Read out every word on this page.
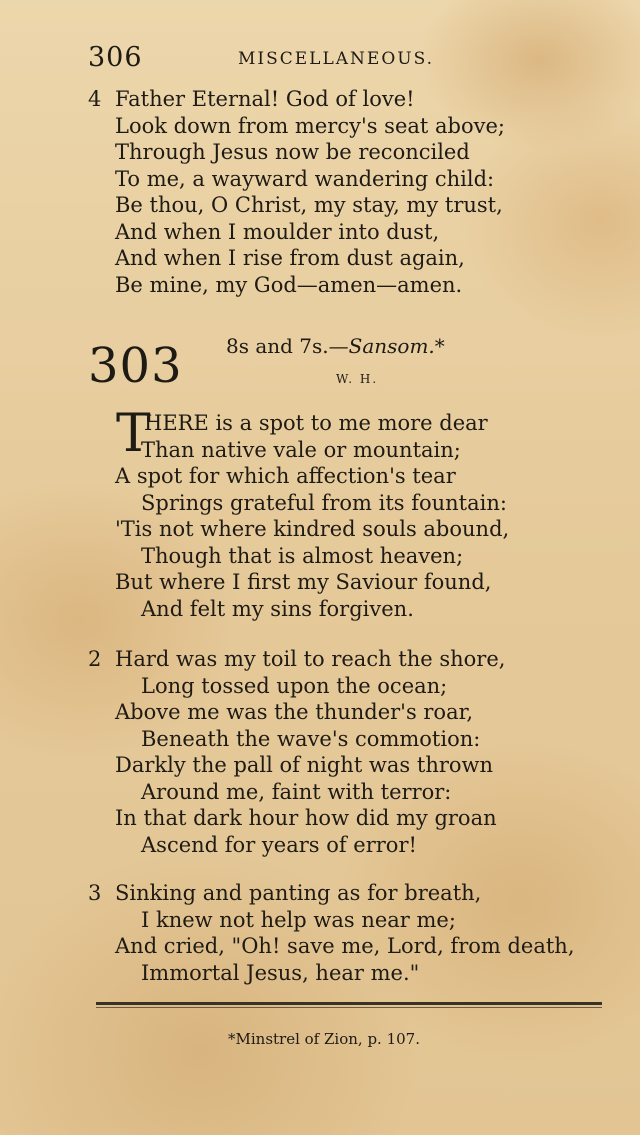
306	MISCELLANEOUS.
4 Father Eternal! God of love!
Look down from mercy's seat above;
Through Jesus now be reconciled
To me, a wayward wandering child:
Be thou, O Christ, my stay, my trust,
And when I moulder into dust,
And when I rise from dust again,
Be mine, my God—amen—amen.
303 8s and 7s.—Sansom.*
W. H.
T
HERE is a spot to me more dear
Than native vale or mountain;
A spot for which affection's tear
Springs grateful from its fountain:
'Tis not where kindred souls abound,
Though that is almost heaven;
But where I first my Saviour found,
And felt my sins forgiven.
2 Hard was my toil to reach the shore,
Long tossed upon the ocean;
Above me was the thunder's roar,
Beneath the wave's commotion:
Darkly the pall of night was thrown
Around me, faint with terror:
In that dark hour how did my groan
Ascend for years of error!
3 Sinking and panting as for breath,
I knew not help was near me;
And cried, "Oh! save me, Lord, from death,
Immortal Jesus, hear me."
*Minstrel of Zion, p. 107.
